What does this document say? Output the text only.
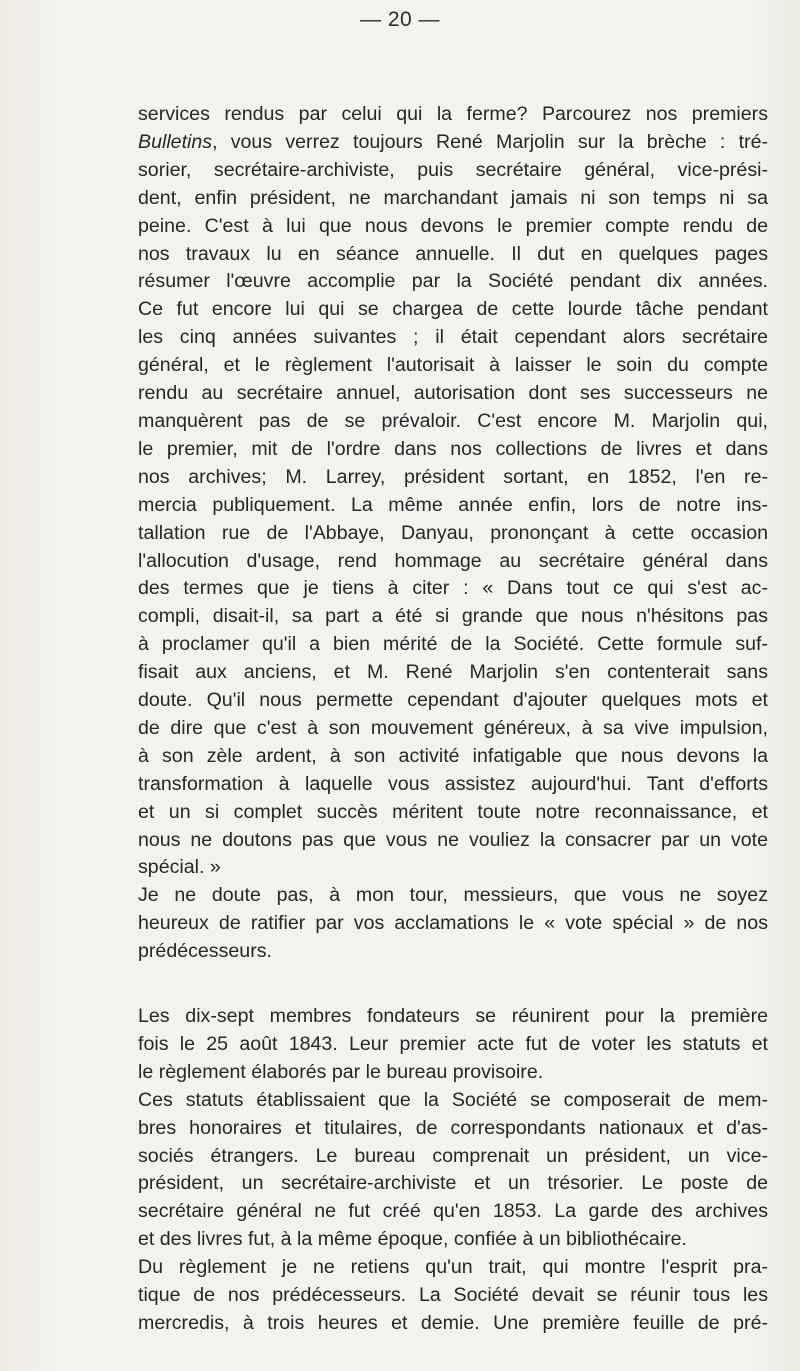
— 20 —
services rendus par celui qui la ferme? Parcourez nos premiers
Bulletins, vous verrez toujours René Marjolin sur la brèche : tré-
sorier, secrétaire-archiviste, puis secrétaire général, vice-prési-
dent, enfin président, ne marchandant jamais ni son temps ni sa
peine. C'est à lui que nous devons le premier compte rendu de
nos travaux lu en séance annuelle. Il dut en quelques pages
résumer l'œuvre accomplie par la Société pendant dix années.
Ce fut encore lui qui se chargea de cette lourde tâche pendant
les cinq années suivantes ; il était cependant alors secrétaire
général, et le règlement l'autorisait à laisser le soin du compte
rendu au secrétaire annuel, autorisation dont ses successeurs ne
manquèrent pas de se prévaloir. C'est encore M. Marjolin qui,
le premier, mit de l'ordre dans nos collections de livres et dans
nos archives; M. Larrey, président sortant, en 1852, l'en re-
mercia publiquement. La même année enfin, lors de notre ins-
tallation rue de l'Abbaye, Danyau, prononçant à cette occasion
l'allocution d'usage, rend hommage au secrétaire général dans
des termes que je tiens à citer : « Dans tout ce qui s'est ac-
compli, disait-il, sa part a été si grande que nous n'hésitons pas
à proclamer qu'il a bien mérité de la Société. Cette formule suf-
fisait aux anciens, et M. René Marjolin s'en contenterait sans
doute. Qu'il nous permette cependant d'ajouter quelques mots et
de dire que c'est à son mouvement généreux, à sa vive impulsion,
à son zèle ardent, à son activité infatigable que nous devons la
transformation à laquelle vous assistez aujourd'hui. Tant d'efforts
et un si complet succès méritent toute notre reconnaissance, et
nous ne doutons pas que vous ne vouliez la consacrer par un vote
spécial. »
Je ne doute pas, à mon tour, messieurs, que vous ne soyez
heureux de ratifier par vos acclamations le « vote spécial » de nos
prédécesseurs.
Les dix-sept membres fondateurs se réunirent pour la première
fois le 25 août 1843. Leur premier acte fut de voter les statuts et
le règlement élaborés par le bureau provisoire.
Ces statuts établissaient que la Société se composerait de mem-
bres honoraires et titulaires, de correspondants nationaux et d'as-
sociés étrangers. Le bureau comprenait un président, un vice-
président, un secrétaire-archiviste et un trésorier. Le poste de
secrétaire général ne fut créé qu'en 1853. La garde des archives
et des livres fut, à la même époque, confiée à un bibliothécaire.
Du règlement je ne retiens qu'un trait, qui montre l'esprit pra-
tique de nos prédécesseurs. La Société devait se réunir tous les
mercredis, à trois heures et demie. Une première feuille de pré-
